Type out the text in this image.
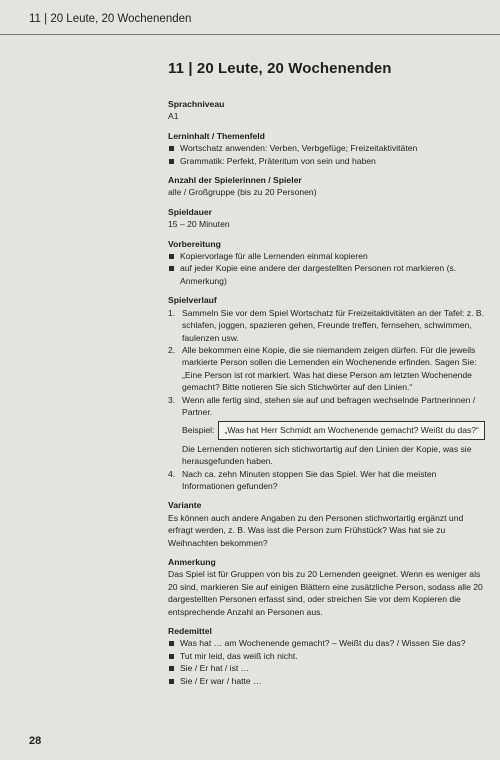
11 | 20 Leute, 20 Wochenenden
11 | 20 Leute, 20 Wochenenden
Sprachniveau
A1
Lerninhalt / Themenfeld
Wortschatz anwenden: Verben, Verbgefüge; Freizeitaktivitäten
Grammatik: Perfekt, Präteritum von sein und haben
Anzahl der Spielerinnen / Spieler
alle / Großgruppe (bis zu 20 Personen)
Spieldauer
15 – 20 Minuten
Vorbereitung
Kopiervorlage für alle Lernenden einmal kopieren
auf jeder Kopie eine andere der dargestellten Personen rot markieren (s. Anmerkung)
Spielverlauf
1. Sammeln Sie vor dem Spiel Wortschatz für Freizeitaktivitäten an der Tafel: z. B. schlafen, joggen, spazieren gehen, Freunde treffen, fernsehen, schwimmen, faulenzen usw.
2. Alle bekommen eine Kopie, die sie niemandem zeigen dürfen. Für die jeweils markierte Person sollen die Lernenden ein Wochenende erfinden. Sagen Sie: „Eine Person ist rot markiert. Was hat diese Person am letzten Wochenende gemacht? Bitte notieren Sie sich Stichwörter auf den Linien.“
3. Wenn alle fertig sind, stehen sie auf und befragen wechselnde Partnerinnen / Partner.
Beispiel:	„Was hat Herr Schmidt am Wochenende gemacht? Weißt du das?“
Die Lernenden notieren sich stichwortartig auf den Linien der Kopie, was sie herausgefunden haben.
4. Nach ca. zehn Minuten stoppen Sie das Spiel. Wer hat die meisten Informationen gefunden?
Variante
Es können auch andere Angaben zu den Personen stichwortartig ergänzt und erfragt werden, z. B. Was isst die Person zum Frühstück? Was hat sie zu Weihnachten bekommen?
Anmerkung
Das Spiel ist für Gruppen von bis zu 20 Lernenden geeignet. Wenn es weniger als 20 sind, markieren Sie auf einigen Blättern eine zusätzliche Person, sodass alle 20 dargestellten Personen erfasst sind, oder streichen Sie vor dem Kopieren die entsprechende Anzahl an Personen aus.
Redemittel
Was hat … am Wochenende gemacht? – Weißt du das? / Wissen Sie das?
Tut mir leid, das weiß ich nicht.
Sie / Er hat / ist …
Sie / Er war / hatte …
28
